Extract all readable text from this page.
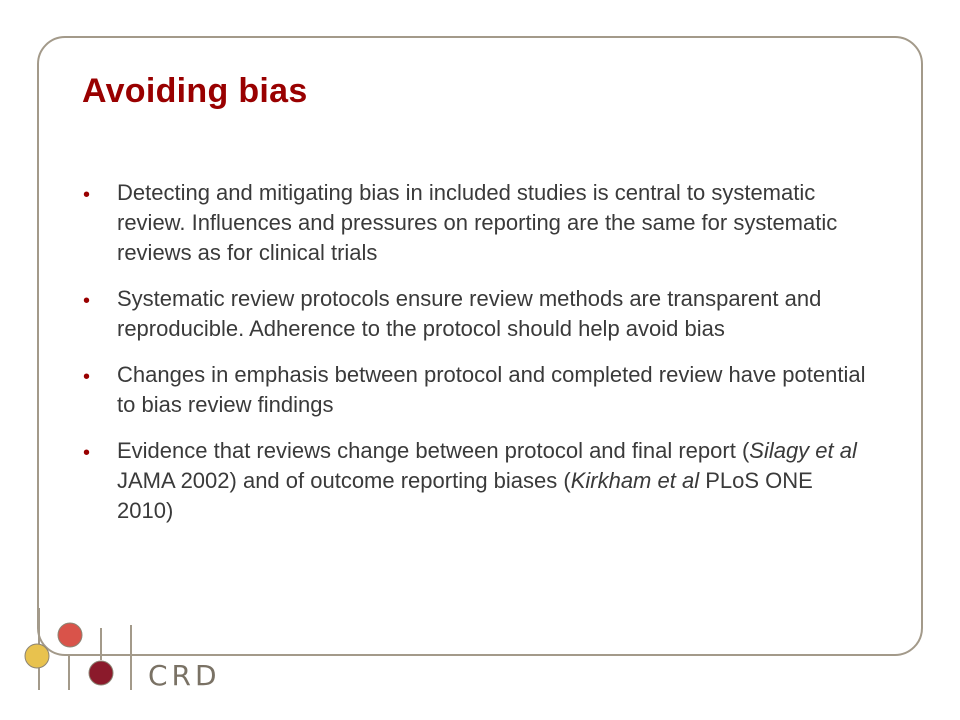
Avoiding bias
•	Detecting and mitigating bias in included studies is central to systematic review. Influences and pressures on reporting are the same for systematic reviews as for clinical trials
•	Systematic review protocols ensure review methods are transparent and reproducible. Adherence to the protocol should help avoid bias
•	Changes in emphasis between protocol and completed review have potential to bias review findings
•	Evidence that reviews change between protocol and final report (Silagy et al JAMA 2002) and of outcome reporting biases (Kirkham et al PLoS ONE 2010)
CRD
